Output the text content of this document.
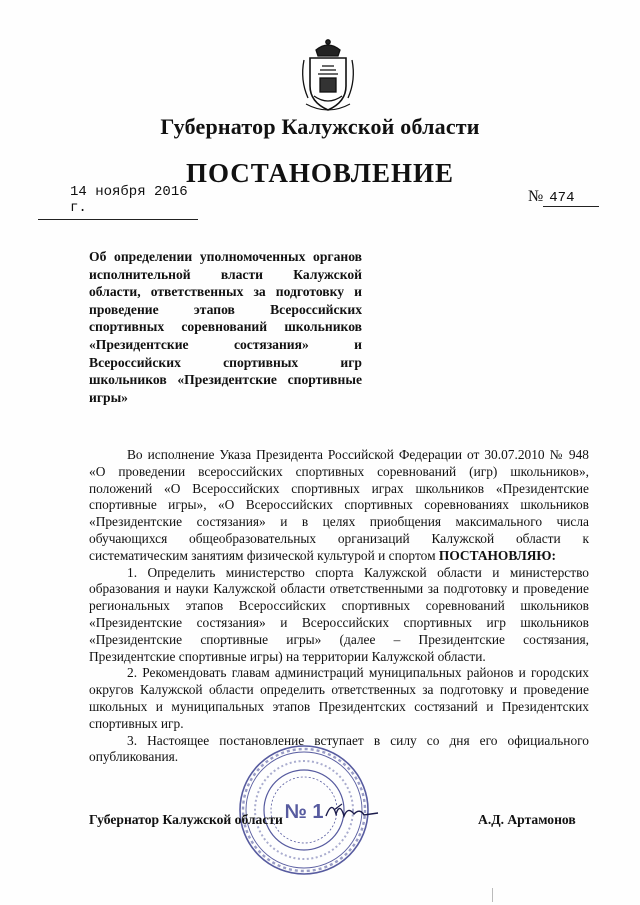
Губернатор Калужской области
ПОСТАНОВЛЕНИЕ
14 ноября 2016 г.
№ 474
Об определении уполномоченных органов исполнительной власти Калужской области, ответственных за подготовку и проведение этапов Всероссийских спортивных соревнований школьников «Президентские состязания» и Всероссийских спортивных игр школьников «Президентские спортивные игры»

Во исполнение Указа Президента Российской Федерации от 30.07.2010 № 948 «О проведении всероссийских спортивных соревнований (игр) школьников», положений «О Всероссийских спортивных играх школьников «Президентские спортивные игры», «О Всероссийских спортивных соревнованиях школьников «Президентские состязания» и в целях приобщения максимального числа обучающихся общеобразовательных организаций Калужской области к систематическим занятиям физической культурой и спортом ПОСТАНОВЛЯЮ:

1. Определить министерство спорта Калужской области и министерство образования и науки Калужской области ответственными за подготовку и проведение региональных этапов Всероссийских спортивных соревнований школьников «Президентские состязания» и Всероссийских спортивных игр школьников «Президентские спортивные игры» (далее – Президентские состязания, Президентские спортивные игры) на территории Калужской области.

2. Рекомендовать главам администраций муниципальных районов и городских округов Калужской области определить ответственных за подготовку и проведение школьных и муниципальных этапов Президентских состязаний и Президентских спортивных игр.

3. Настоящее постановление вступает в силу со дня его официального опубликования.

№ 1
Губернатор Калужской области	А.Д. Артамонов
